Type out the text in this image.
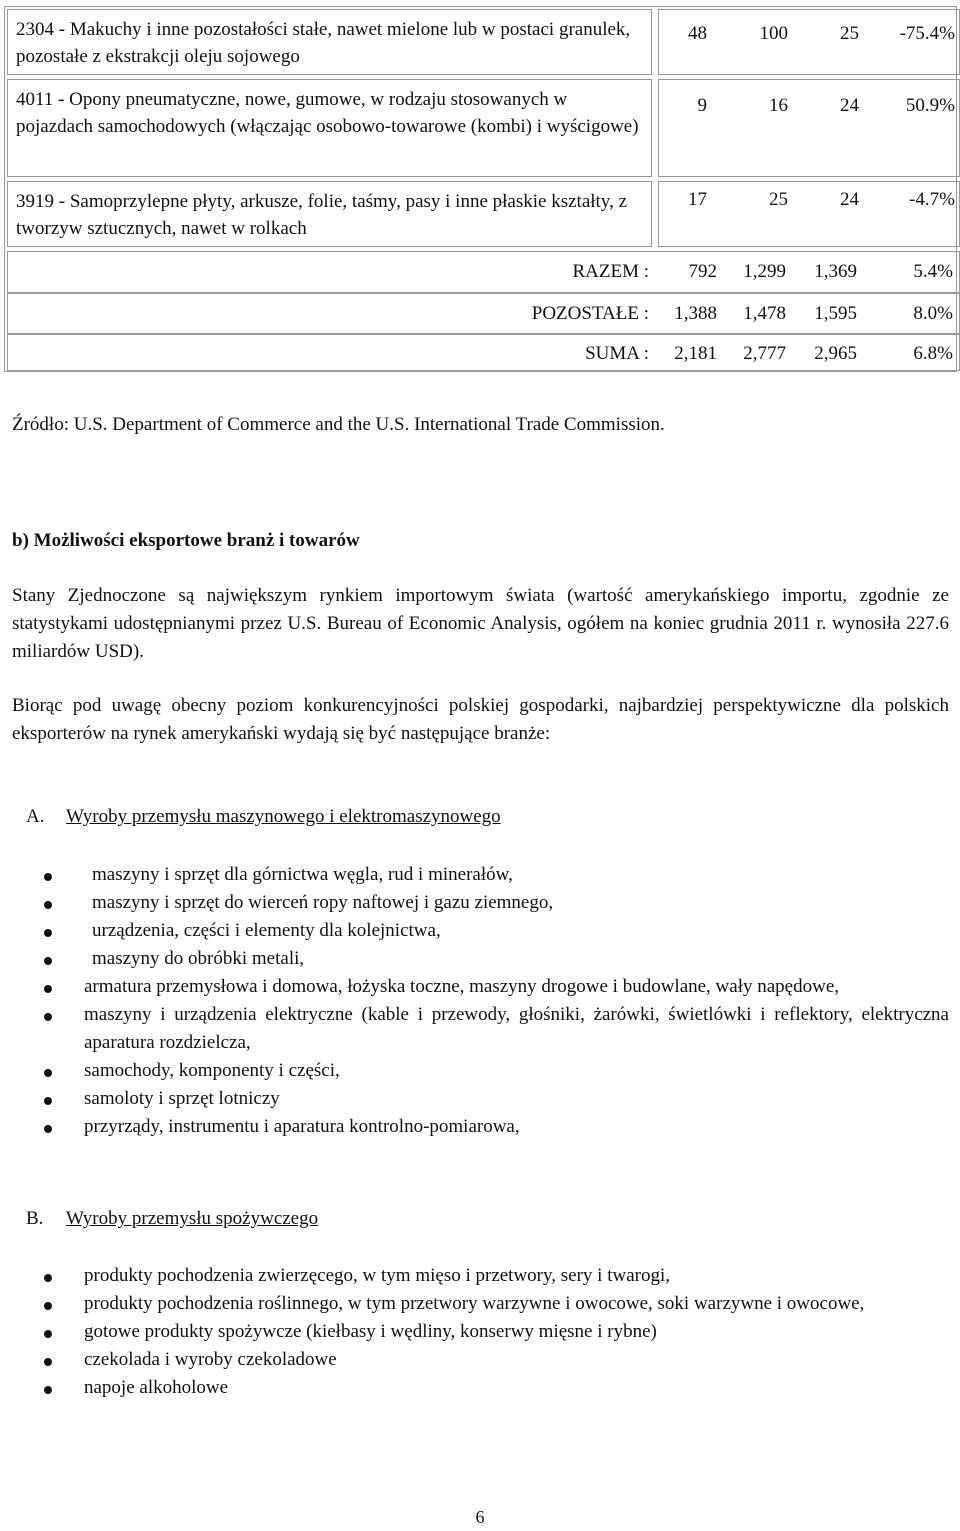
2304 - Makuchy i inne pozostałości stałe, nawet mielone lub w postaci granulek, pozostałe z ekstrakcji oleju sojowego
48	100	25 -75.4%
4011 - Opony pneumatyczne, nowe, gumowe, w rodzaju stosowanych w pojazdach samochodowych (włączając osobowo-towarowe (kombi) i wyścigowe)
9	16	24 50.9%
3919 - Samoprzylepne płyty, arkusze, folie, taśmy, pasy i inne płaskie kształty, z tworzyw sztucznych, nawet w rolkach
17	25	24	-4.7%
RAZEM : 792 1,299 1,369	5.4%
POZOSTAŁE : 1,388 1,478 1,595	8.0%
SUMA : 2,181 2,777 2,965	6.8%
Źródło: U.S. Department of Commerce and the U.S. International Trade Commission.
b) Możliwości eksportowe branż i towarów
Stany Zjednoczone są największym rynkiem importowym świata (wartość amerykańskiego importu, zgodnie ze statystykami udostępnianymi przez U.S. Bureau of Economic Analysis, ogółem na koniec grudnia 2011 r. wynosiła 227.6 miliardów USD).
Biorąc pod uwagę obecny poziom konkurencyjności polskiej gospodarki, najbardziej perspektywiczne dla polskich eksporterów na rynek amerykański wydają się być następujące branże:
A. Wyroby przemysłu maszynowego i elektromaszynowego
maszyny i sprzęt dla górnictwa węgla, rud i minerałów,
maszyny i sprzęt do wierceń ropy naftowej i gazu ziemnego,
urządzenia, części i elementy dla kolejnictwa,
maszyny do obróbki metali,
armatura przemysłowa i domowa, łożyska toczne, maszyny drogowe i budowlane, wały napędowe,
maszyny i urządzenia elektryczne (kable i przewody, głośniki, żarówki, świetlówki i reflektory, elektryczna aparatura rozdzielcza,
samochody, komponenty i części,
samoloty i sprzęt lotniczy
przyrządy, instrumentu i aparatura kontrolno-pomiarowa,
B. Wyroby przemysłu spożywczego
produkty pochodzenia zwierzęcego, w tym mięso i przetwory, sery i twarogi,
produkty pochodzenia roślinnego, w tym przetwory warzywne i owocowe, soki warzywne i owocowe,
gotowe produkty spożywcze (kiełbasy i wędliny, konserwy mięsne i rybne)
czekolada i wyroby czekoladowe
napoje alkoholowe
6
